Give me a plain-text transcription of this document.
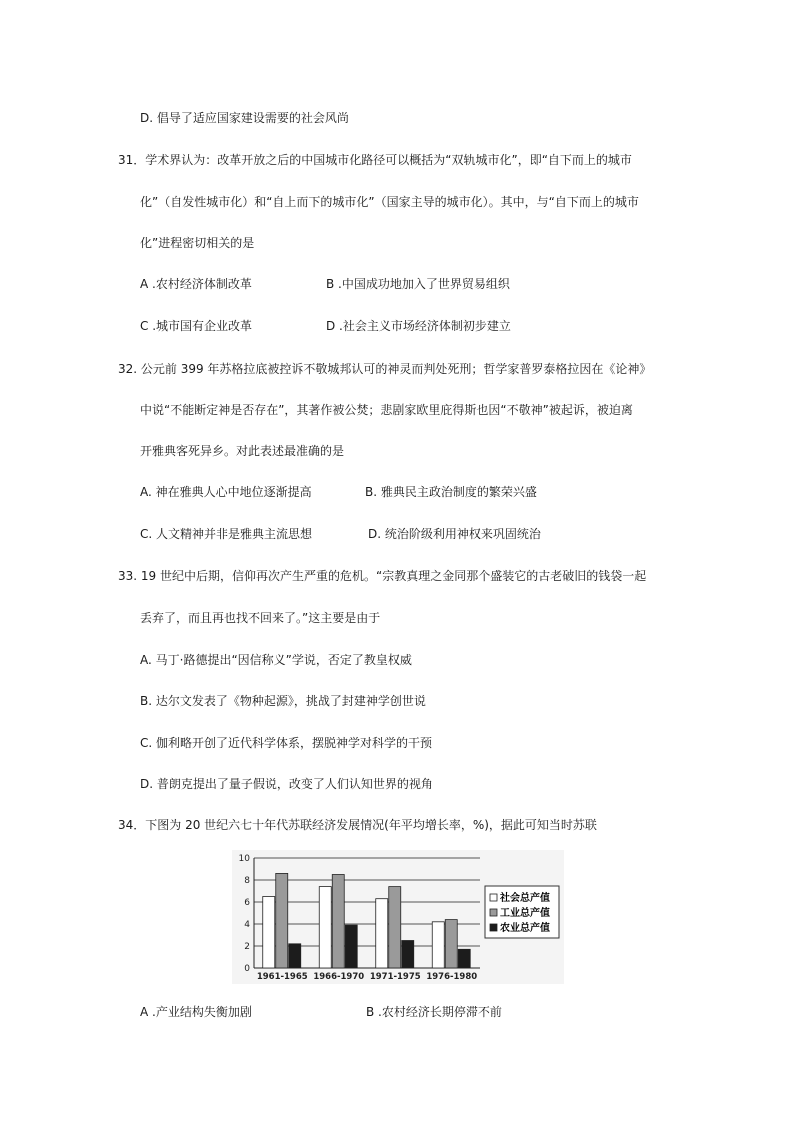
D. 倡导了适应国家建设需要的社会风尚
31．学术界认为：改革开放之后的中国城市化路径可以概括为“双轨城市化”，即“自下而上的城市
化”（自发性城市化）和“自上而下的城市化”（国家主导的城市化）。其中，与“自下而上的城市
化”进程密切相关的是
A .农村经济体制改革	B .中国成功地加入了世界贸易组织
C .城市国有企业改革	D .社会主义市场经济体制初步建立
32. 公元前 399 年苏格拉底被控诉不敬城邦认可的神灵而判处死刑；哲学家普罗泰格拉因在《论神》
中说“不能断定神是否存在”，其著作被公焚；悲剧家欧里庇得斯也因“不敬神”被起诉，被迫离
开雅典客死异乡。对此表述最准确的是
A. 神在雅典人心中地位逐渐提高	B. 雅典民主政治制度的繁荣兴盛
C. 人文精神并非是雅典主流思想	D. 统治阶级利用神权来巩固统治
33. 19 世纪中后期，信仰再次产生严重的危机。“宗教真理之金同那个盛装它的古老破旧的钱袋一起
丢弃了，而且再也找不回来了。”这主要是由于
A. 马丁·路德提出“因信称义”学说，否定了教皇权威
B. 达尔文发表了《物种起源》，挑战了封建神学创世说
C. 伽利略开创了近代科学体系，摆脱神学对科学的干预
D. 普朗克提出了量子假说，改变了人们认知世界的视角
34．下图为 20 世纪六七十年代苏联经济发展情况(年平均增长率，%)，据此可知当时苏联
0
2
4
6
8
10
1961-1965 1966-1970 1971-1975 1976-1980
社会总产值
工业总产值
农业总产值
A .产业结构失衡加剧	B .农村经济长期停滞不前
